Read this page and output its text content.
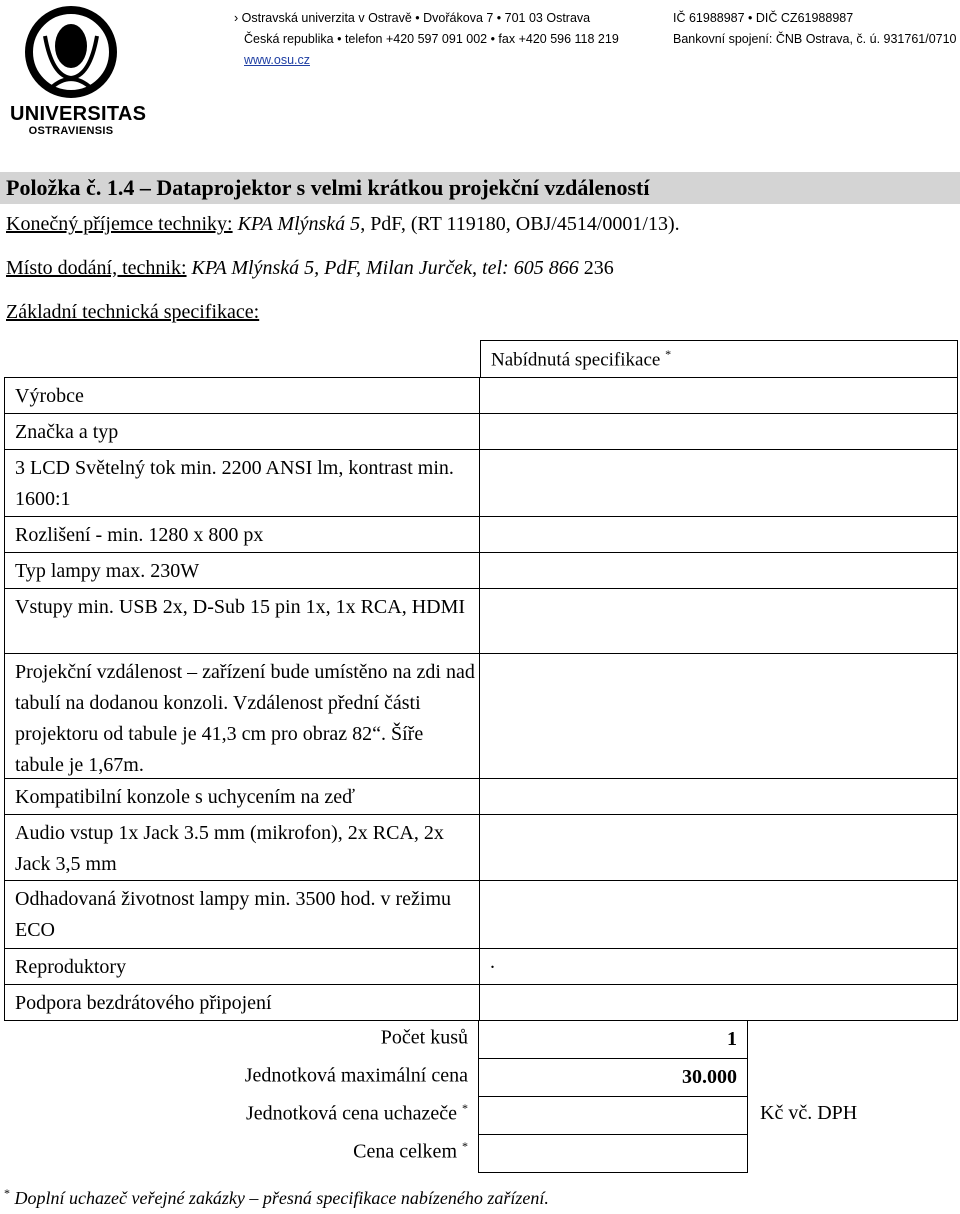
UNIVERSITAS
OSTRAVIENSIS
› Ostravská univerzita v Ostravě • Dvořákova 7 • 701 03 Ostrava
Česká republika • telefon +420 597 091 002 • fax +420 596 118 219
www.osu.cz
IČ 61988987 • DIČ CZ61988987
Bankovní spojení: ČNB Ostrava, č. ú. 931761/0710
Položka č. 1.4 – Dataprojektor s velmi krátkou projekční vzdáleností
Konečný příjemce techniky: KPA Mlýnská 5, PdF, (RT 119180, OBJ/4514/0001/13).
Místo dodání, technik: KPA Mlýnská 5, PdF, Milan Jurček, tel: 605 866 236
Základní technická specifikace:
Nabídnutá specifikace *
Výrobce
Značka a typ
3 LCD Světelný tok min. 2200 ANSI lm, kontrast min. 1600:1
Rozlišení - min. 1280 x 800 px
Typ lampy max. 230W
Vstupy min. USB 2x, D-Sub 15 pin 1x, 1x RCA, HDMI
Projekční vzdálenost – zařízení bude umístěno na zdi nad tabulí na dodanou konzoli. Vzdálenost přední části projektoru od tabule je 41,3 cm pro obraz 82“. Šíře tabule je 1,67m.
Kompatibilní konzole s uchycením na zeď
Audio vstup 1x Jack 3.5 mm (mikrofon), 2x RCA, 2x Jack 3,5 mm
Odhadovaná životnost lampy min. 3500 hod. v režimu ECO
Reproduktory	.
Podpora bezdrátového připojení
Počet kusů	1
Jednotková maximální cena	30.000
Jednotková cena uchazeče *
Cena celkem *
Kč vč. DPH
* Doplní uchazeč veřejné zakázky – přesná specifikace nabízeného zařízení.
